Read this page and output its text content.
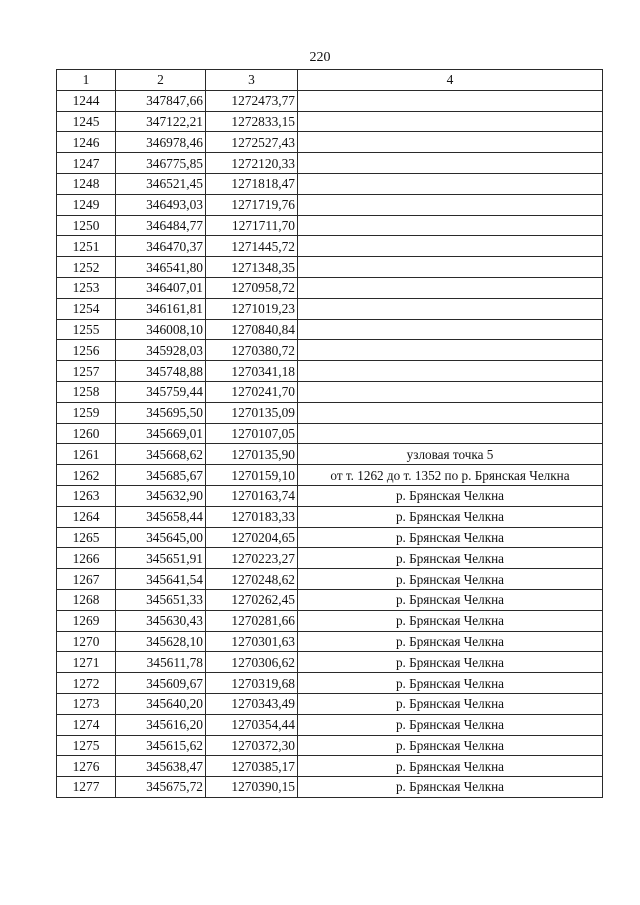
220
1	2	3	4
1244	347847,66	1272473,77	
1245	347122,21	1272833,15	
1246	346978,46	1272527,43	
1247	346775,85	1272120,33	
1248	346521,45	1271818,47	
1249	346493,03	1271719,76	
1250	346484,77	1271711,70	
1251	346470,37	1271445,72	
1252	346541,80	1271348,35	
1253	346407,01	1270958,72	
1254	346161,81	1271019,23	
1255	346008,10	1270840,84	
1256	345928,03	1270380,72	
1257	345748,88	1270341,18	
1258	345759,44	1270241,70	
1259	345695,50	1270135,09	
1260	345669,01	1270107,05	
1261	345668,62	1270135,90	узловая точка 5
1262	345685,67	1270159,10	от т. 1262 до т. 1352 по р. Брянская Челкна
1263	345632,90	1270163,74	р. Брянская Челкна
1264	345658,44	1270183,33	р. Брянская Челкна
1265	345645,00	1270204,65	р. Брянская Челкна
1266	345651,91	1270223,27	р. Брянская Челкна
1267	345641,54	1270248,62	р. Брянская Челкна
1268	345651,33	1270262,45	р. Брянская Челкна
1269	345630,43	1270281,66	р. Брянская Челкна
1270	345628,10	1270301,63	р. Брянская Челкна
1271	345611,78	1270306,62	р. Брянская Челкна
1272	345609,67	1270319,68	р. Брянская Челкна
1273	345640,20	1270343,49	р. Брянская Челкна
1274	345616,20	1270354,44	р. Брянская Челкна
1275	345615,62	1270372,30	р. Брянская Челкна
1276	345638,47	1270385,17	р. Брянская Челкна
1277	345675,72	1270390,15	р. Брянская Челкна
